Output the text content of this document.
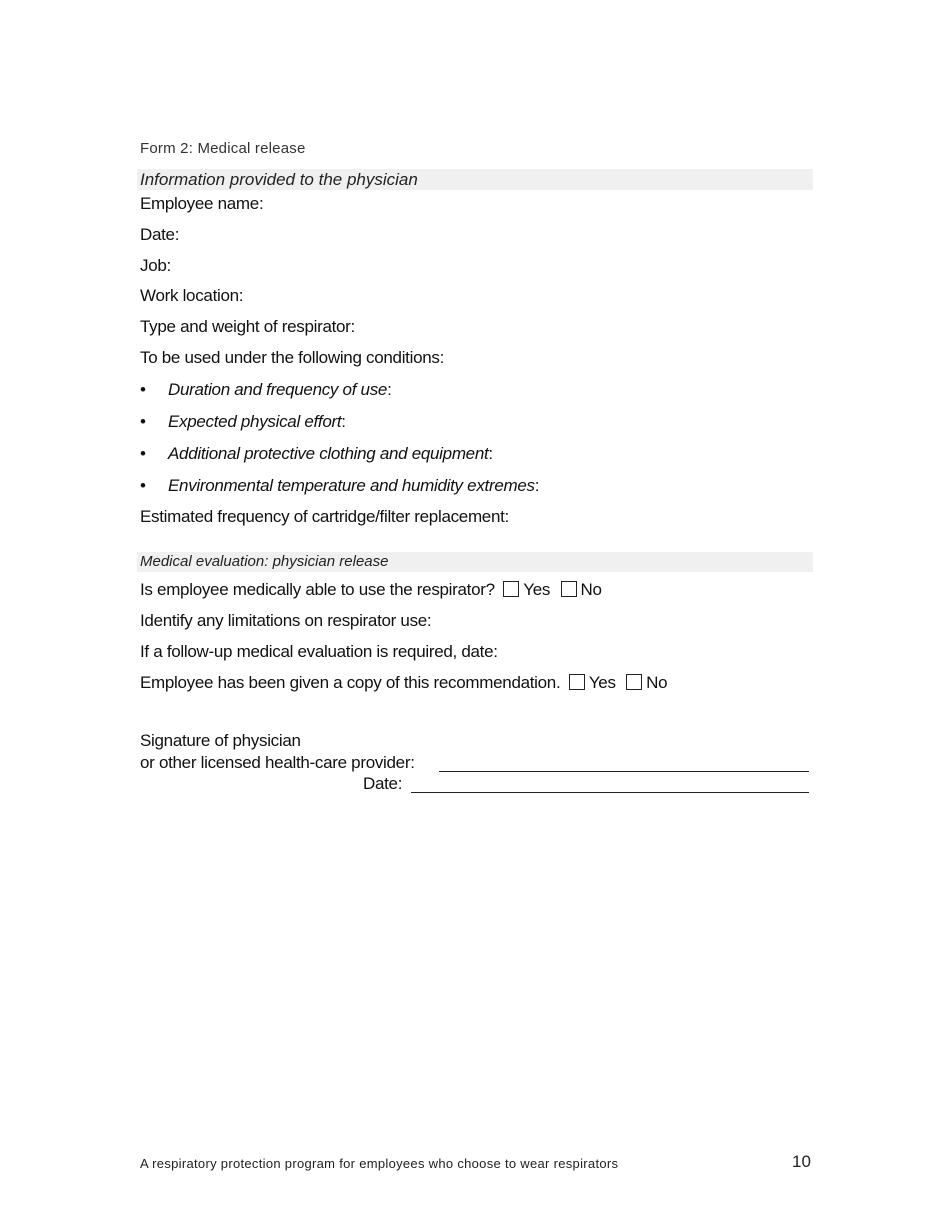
Form 2: Medical release
Information provided to the physician
Employee name:
Date:
Job:
Work location:
Type and weight of respirator:
To be used under the following conditions:
• Duration and frequency of use:
• Expected physical effort:
• Additional protective clothing and equipment:
• Environmental temperature and humidity extremes:
Estimated frequency of cartridge/filter replacement:
Medical evaluation: physician release
Is employee medically able to use the respirator? Yes No
Identify any limitations on respirator use:
If a follow-up medical evaluation is required, date:
Employee has been given a copy of this recommendation. Yes No
Signature of physician
or other licensed health-care provider:
Date:
A respiratory protection program for employees who choose to wear respirators	10
